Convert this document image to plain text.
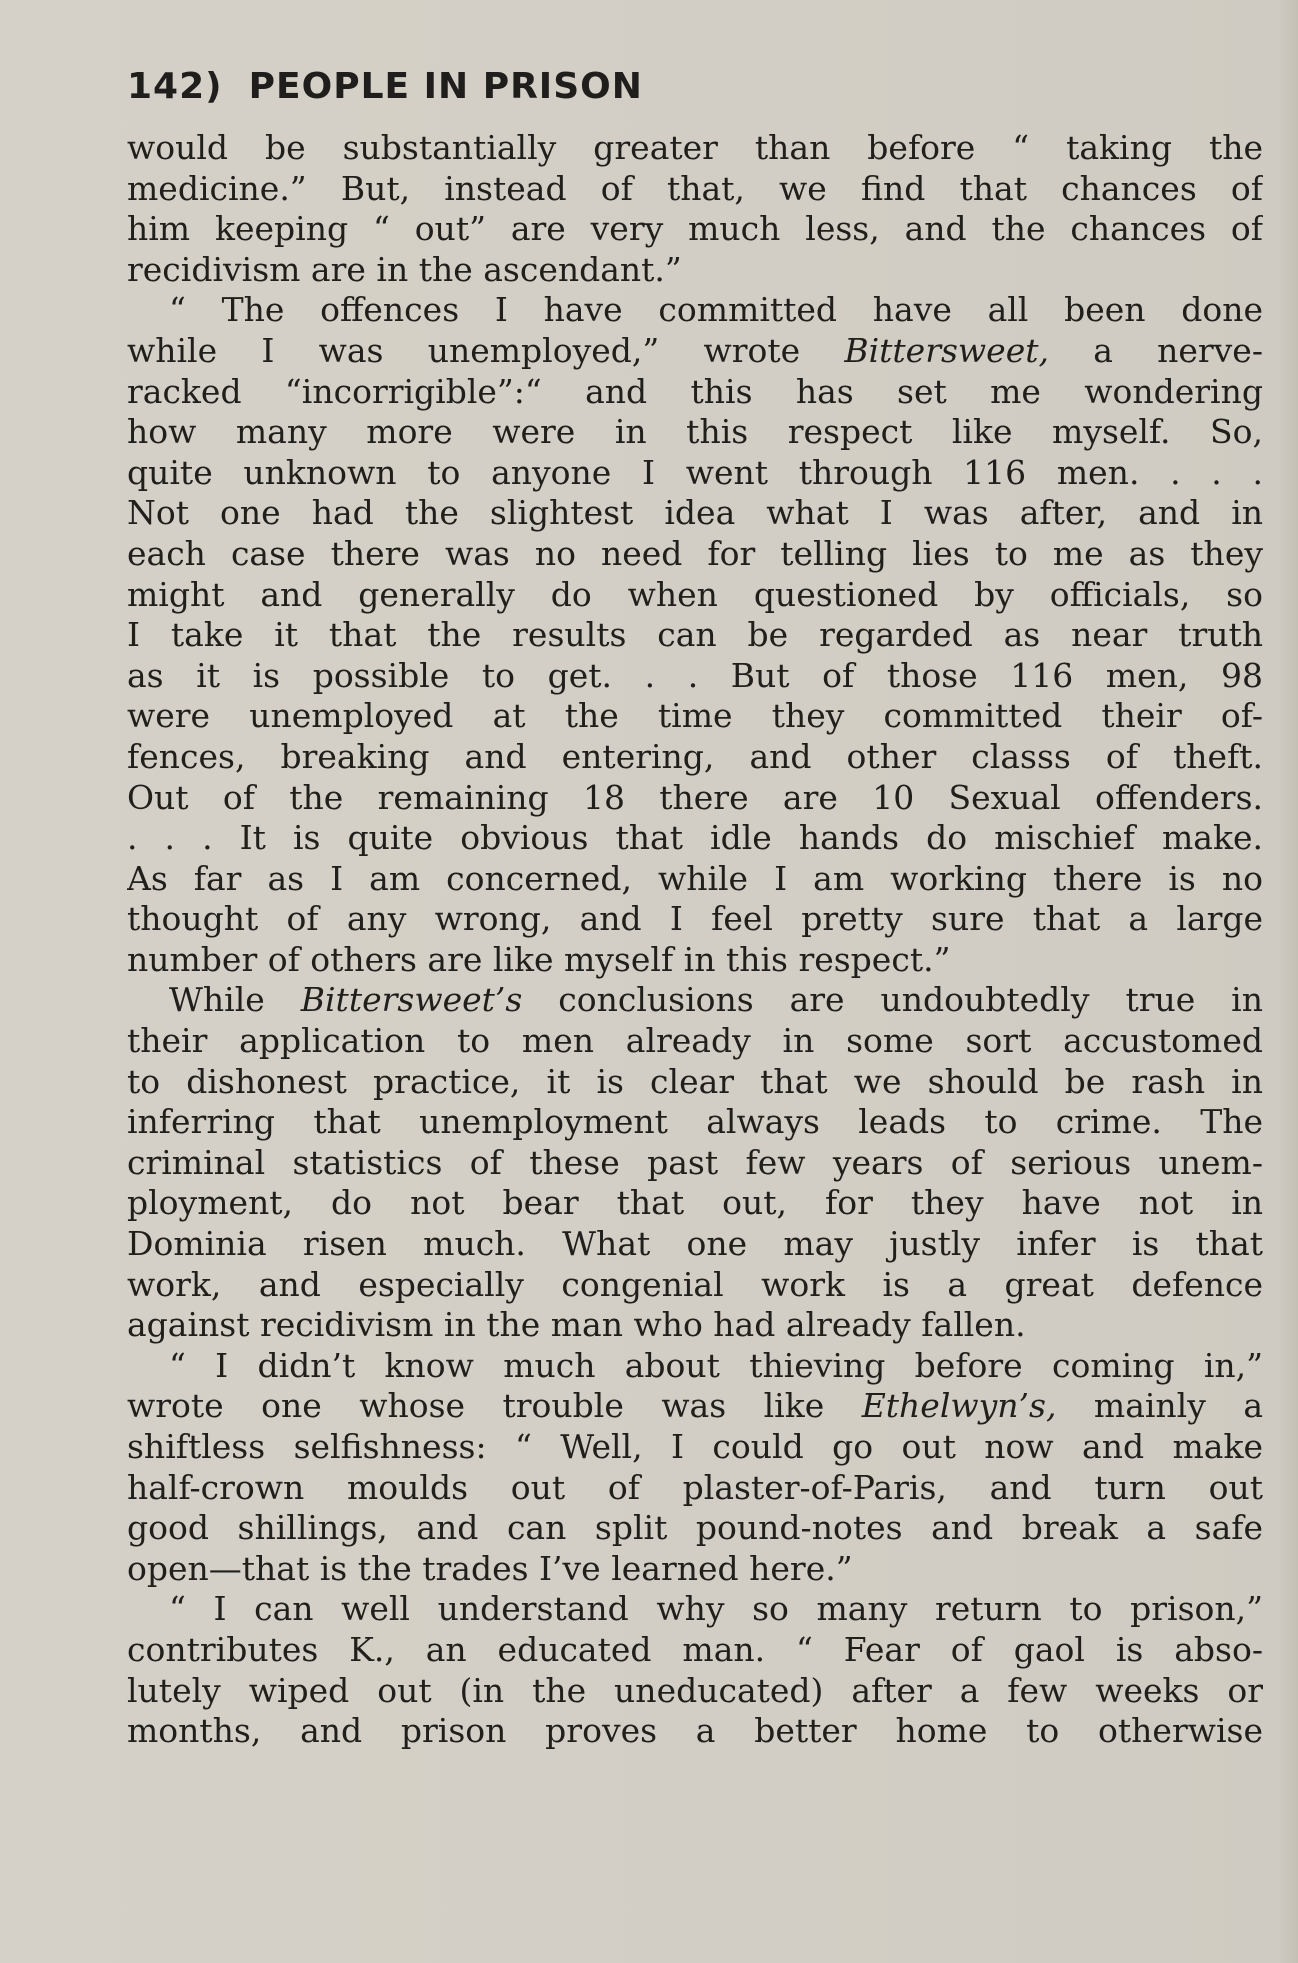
142) PEOPLE IN PRISON
would be substantially greater than before “ taking the
medicine.” But, instead of that, we find that chances of
him keeping “ out” are very much less, and the chances of
recidivism are in the ascendant.”
“ The offences I have committed have all been done
while I was unemployed,” wrote Bittersweet, a nerve-
racked “incorrigible”:“ and this has set me wondering
how many more were in this respect like myself. So,
quite unknown to anyone I went through 116 men. . . .
Not one had the slightest idea what I was after, and in
each case there was no need for telling lies to me as they
might and generally do when questioned by officials, so
I take it that the results can be regarded as near truth
as it is possible to get. . . But of those 116 men, 98
were unemployed at the time they committed their of-
fences, breaking and entering, and other classs of theft.
Out of the remaining 18 there are 10 Sexual offenders.
. . . It is quite obvious that idle hands do mischief make.
As far as I am concerned, while I am working there is no
thought of any wrong, and I feel pretty sure that a large
number of others are like myself in this respect.”
While Bittersweet’s conclusions are undoubtedly true in
their application to men already in some sort accustomed
to dishonest practice, it is clear that we should be rash in
inferring that unemployment always leads to crime. The
criminal statistics of these past few years of serious unem-
ployment, do not bear that out, for they have not in
Dominia risen much. What one may justly infer is that
work, and especially congenial work is a great defence
against recidivism in the man who had already fallen.
“ I didn’t know much about thieving before coming in,”
wrote one whose trouble was like Ethelwyn’s, mainly a
shiftless selfishness: “ Well, I could go out now and make
half-crown moulds out of plaster-of-Paris, and turn out
good shillings, and can split pound-notes and break a safe
open—that is the trades I’ve learned here.”
“ I can well understand why so many return to prison,”
contributes K., an educated man. “ Fear of gaol is abso-
lutely wiped out (in the uneducated) after a few weeks or
months, and prison proves a better home to otherwise
